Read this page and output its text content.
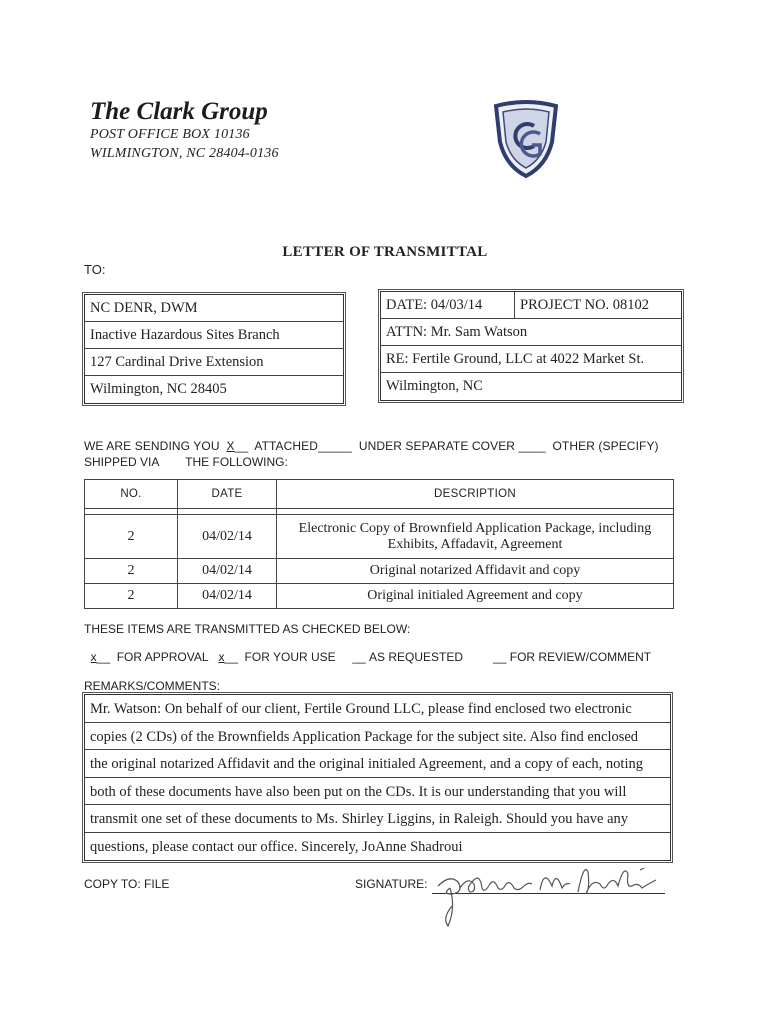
The Clark Group
POST OFFICE BOX 10136
WILMINGTON, NC 28404-0136
LETTER OF TRANSMITTAL
TO:
NC DENR, DWM
Inactive Hazardous Sites Branch
127 Cardinal Drive Extension
Wilmington, NC 28405
DATE: 04/03/14	PROJECT NO. 08102
ATTN: Mr. Sam Watson
RE: Fertile Ground, LLC at 4022 Market St.
Wilmington, NC
WE ARE SENDING YOU X__  ATTACHED_____  UNDER SEPARATE COVER ____  OTHER (SPECIFY)
SHIPPED VIA THE FOLLOWING:
NO.	DATE	DESCRIPTION

2	04/02/14	Electronic Copy of Brownfield Application Package, including
Exhibits, Affadavit, Agreement

2	04/02/14	Original notarized Affidavit and copy
2	04/02/14	Original initialed Agreement and copy
THESE ITEMS ARE TRANSMITTED AS CHECKED BELOW:

x __ FOR APPROVAL
x __ FOR YOUR USE __ AS REQUESTED __ FOR REVIEW/COMMENT
REMARKS/COMMENTS:
Mr. Watson: On behalf of our client, Fertile Ground LLC, please find enclosed two electronic
copies (2 CDs) of the Brownfields Application Package for the subject site. Also find enclosed
the original notarized Affidavit and the original initialed Agreement, and a copy of each, noting
both of these documents have also been put on the CDs. It is our understanding that you will
transmit one set of these documents to Ms. Shirley Liggins, in Raleigh. Should you have any
questions, please contact our office. Sincerely, JoAnne Shadroui
COPY TO: FILE	SIGNATURE:
